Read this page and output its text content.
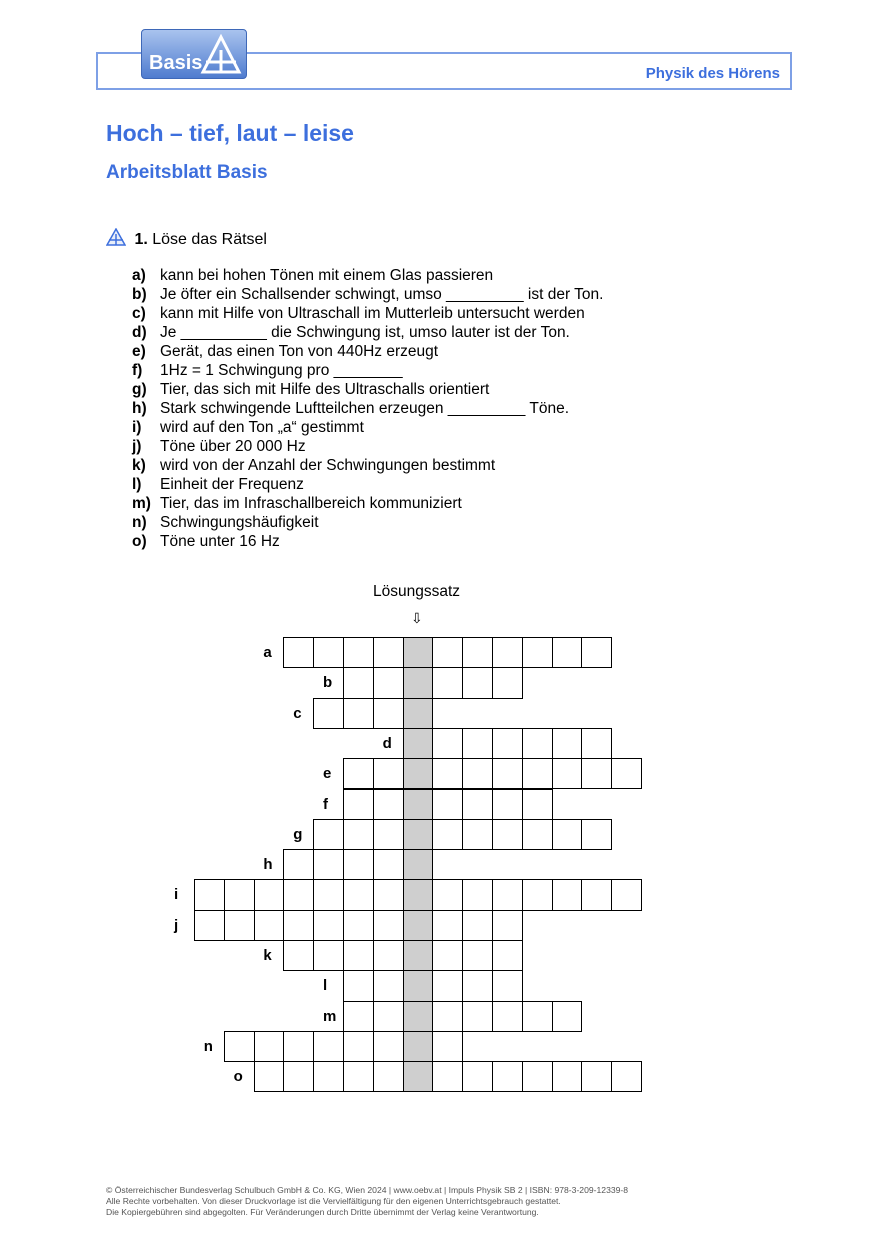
Physik des Hörens
Basis
Hoch – tief, laut – leise
Arbeitsblatt Basis
1. Löse das Rätsel
a) kann bei hohen Tönen mit einem Glas passieren
b) Je öfter ein Schallsender schwingt, umso _________ ist der Ton.
c) kann mit Hilfe von Ultraschall im Mutterleib untersucht werden
d) Je __________ die Schwingung ist, umso lauter ist der Ton.
e) Gerät, das einen Ton von 440Hz erzeugt
f) 1Hz = 1 Schwingung pro ________
g) Tier, das sich mit Hilfe des Ultraschalls orientiert
h) Stark schwingende Luftteilchen erzeugen _________ Töne.
i) wird auf den Ton „a“ gestimmt
j) Töne über 20 000 Hz
k) wird von der Anzahl der Schwingungen bestimmt
l) Einheit der Frequenz
m) Tier, das im Infraschallbereich kommuniziert
n) Schwingungshäufigkeit
o) Töne unter 16 Hz
Lösungssatz
⇩
a
b
c
d
e
f
g
h
i
j
k
l
m
n
o
© Österreichischer Bundesverlag Schulbuch GmbH & Co. KG, Wien 2024 | www.oebv.at | Impuls Physik SB 2 | ISBN: 978-3-209-12339-8
Alle Rechte vorbehalten. Von dieser Druckvorlage ist die Vervielfältigung für den eigenen Unterrichtsgebrauch gestattet.
Die Kopiergebühren sind abgegolten. Für Veränderungen durch Dritte übernimmt der Verlag keine Verantwortung.
